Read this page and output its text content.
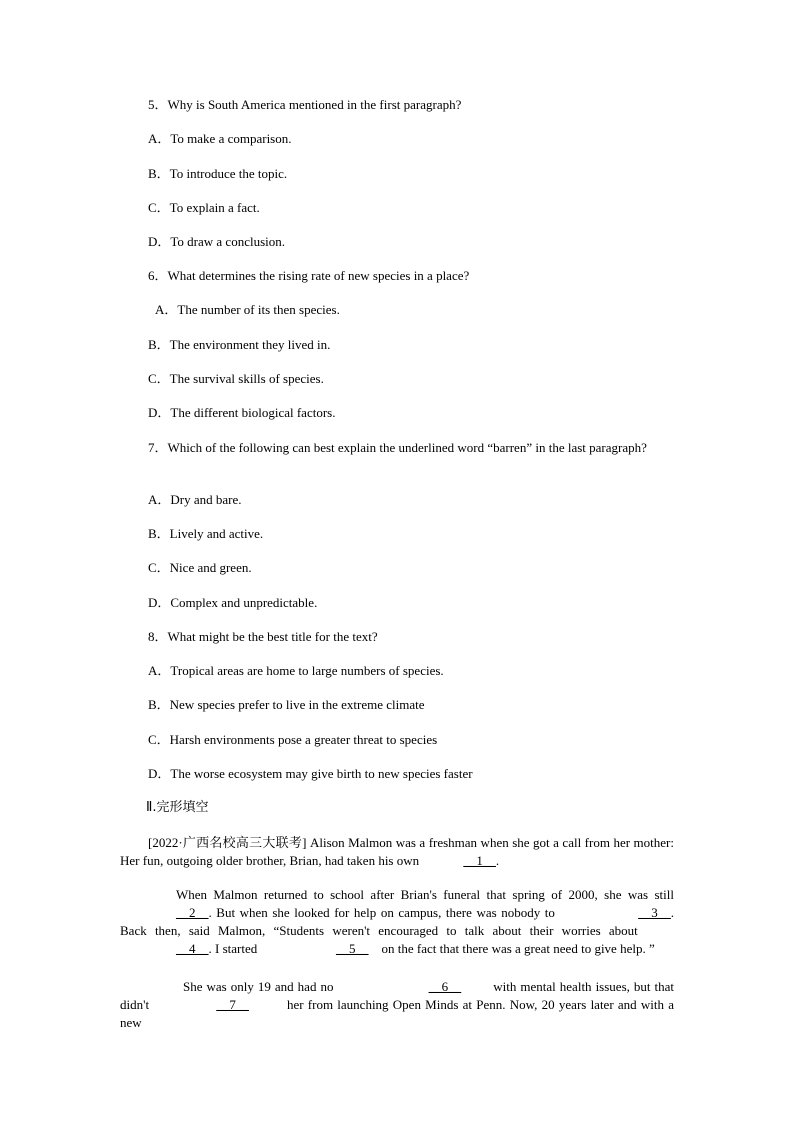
5．Why is South America mentioned in the first paragraph?
A．To make a comparison.
B．To introduce the topic.
C．To explain a fact.
D．To draw a conclusion.
6．What determines the rising rate of new species in a place?
A．The number of its then species.
B．The environment they lived in.
C．The survival skills of species.
D．The different biological factors.
7．Which of the following can best explain the underlined word “barren” in the last paragraph?
A．Dry and bare.
B．Lively and active.
C．Nice and green.
D．Complex and unpredictable.
8．What might be the best title for the text?
A．Tropical areas are home to large numbers of species.
B．New species prefer to live in the extreme climate
C．Harsh environments pose a greater threat to species
D．The worse ecosystem may give birth to new species faster
Ⅱ.完形填空
[2022·广西名校高三大联考] Alison Malmon was a freshman when she got a call from her mother: Her fun, outgoing older brother, Brian, had taken his own	__1__.
When Malmon returned to school after Brian's funeral that spring of 2000, she was still __2__. But when she looked for help on campus, there was nobody to	__3__. Back then, said Malmon, “Students weren't encouraged to talk about their worries about      __4__. I started	__5__ on the fact that there was a great need to give help. ”
She was only 19 and had no	__6__ with mental health issues, but that didn't	__7__	her from launching Open Minds at Penn. Now, 20 years later and with a new
